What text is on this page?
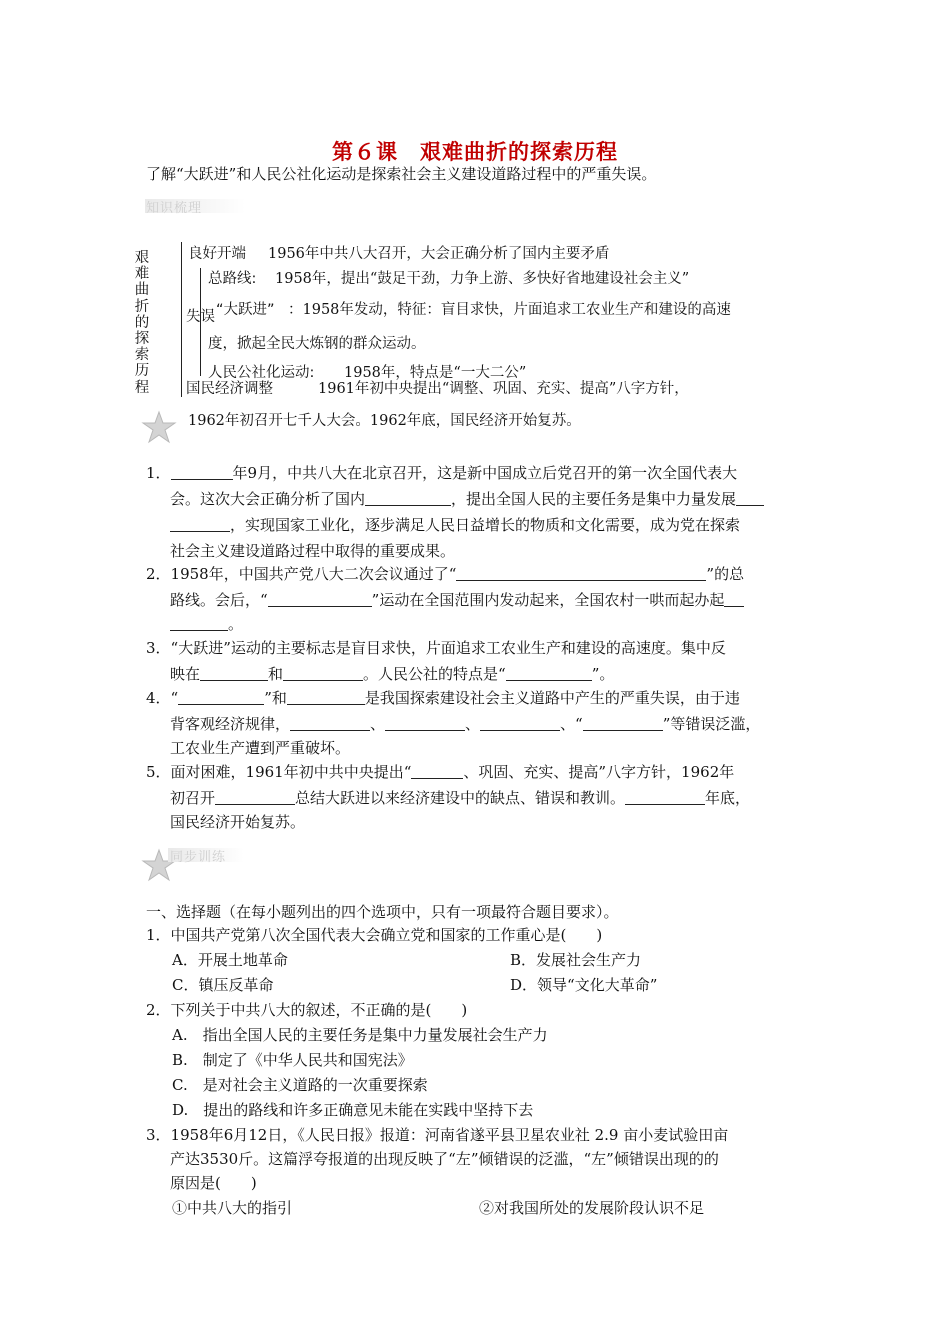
第６课　艰难曲折的探索历程
了解“大跃进”和人民公社化运动是探索社会主义建设道路过程中的严重失误。
知识梳理
艰难曲折的探索历程
良好开端 1956年中共八大召开，大会正确分析了国内主要矛盾
总路线: 1958年，提出“鼓足干劲，力争上游、多快好省地建设社会主义”
失误 “大跃进” ：1958年发动，特征：盲目求快，片面追求工农业生产和建设的高速
度，掀起全民大炼钢的群众运动。
人民公社化运动: 1958年，特点是“一大二公”
国民经济调整	1961年初中央提出“调整、巩固、充实、提高”八字方针，
1962年初召开七千人大会。1962年底，国民经济开始复苏。
1．	年9月，中共八大在北京召开，这是新中国成立后党召开的第一次全国代表大
会。这次大会正确分析了国内	，提出全国人民的主要任务是集中力量发展
，实现国家工业化，逐步满足人民日益增长的物质和文化需要，成为党在探索
社会主义建设道路过程中取得的重要成果。
2．1958年，中国共产党八大二次会议通过了“	”的总
路线。会后，“	”运动在全国范围内发动起来，全国农村一哄而起办起
。
3．“大跃进”运动的主要标志是盲目求快，片面追求工农业生产和建设的高速度。集中反
映在	和	。人民公社的特点是“	”。
4．“	”和	是我国探索建设社会主义道路中产生的严重失误，由于违
背客观经济规律，	、	、	、“	”等错误泛滥，
工农业生产遭到严重破坏。
5．面对困难，1961年初中共中央提出“	、巩固、充实、提高”八字方针，1962年
初召开	总结大跃进以来经济建设中的缺点、错误和教训。	年底，
国民经济开始复苏。
同步训练
一、选择题（在每小题列出的四个选项中，只有一项最符合题目要求）。
1．中国共产党第八次全国代表大会确立党和国家的工作重心是(　　)
A．开展土地革命	B．发展社会生产力
C．镇压反革命	D．领导“文化大革命”
2．下列关于中共八大的叙述，不正确的是(　　)
A.　指出全国人民的主要任务是集中力量发展社会生产力
B.　制定了《中华人民共和国宪法》
C.　是对社会主义道路的一次重要探索
D.　提出的路线和许多正确意见未能在实践中坚持下去
3．1958年6月12日，《人民日报》报道：河南省遂平县卫星农业社 2.9 亩小麦试验田亩
产达3530斤。这篇浮夸报道的出现反映了“左”倾错误的泛滥，“左”倾错误出现的的
原因是(　　)
①中共八大的指引	②对我国所处的发展阶段认识不足
